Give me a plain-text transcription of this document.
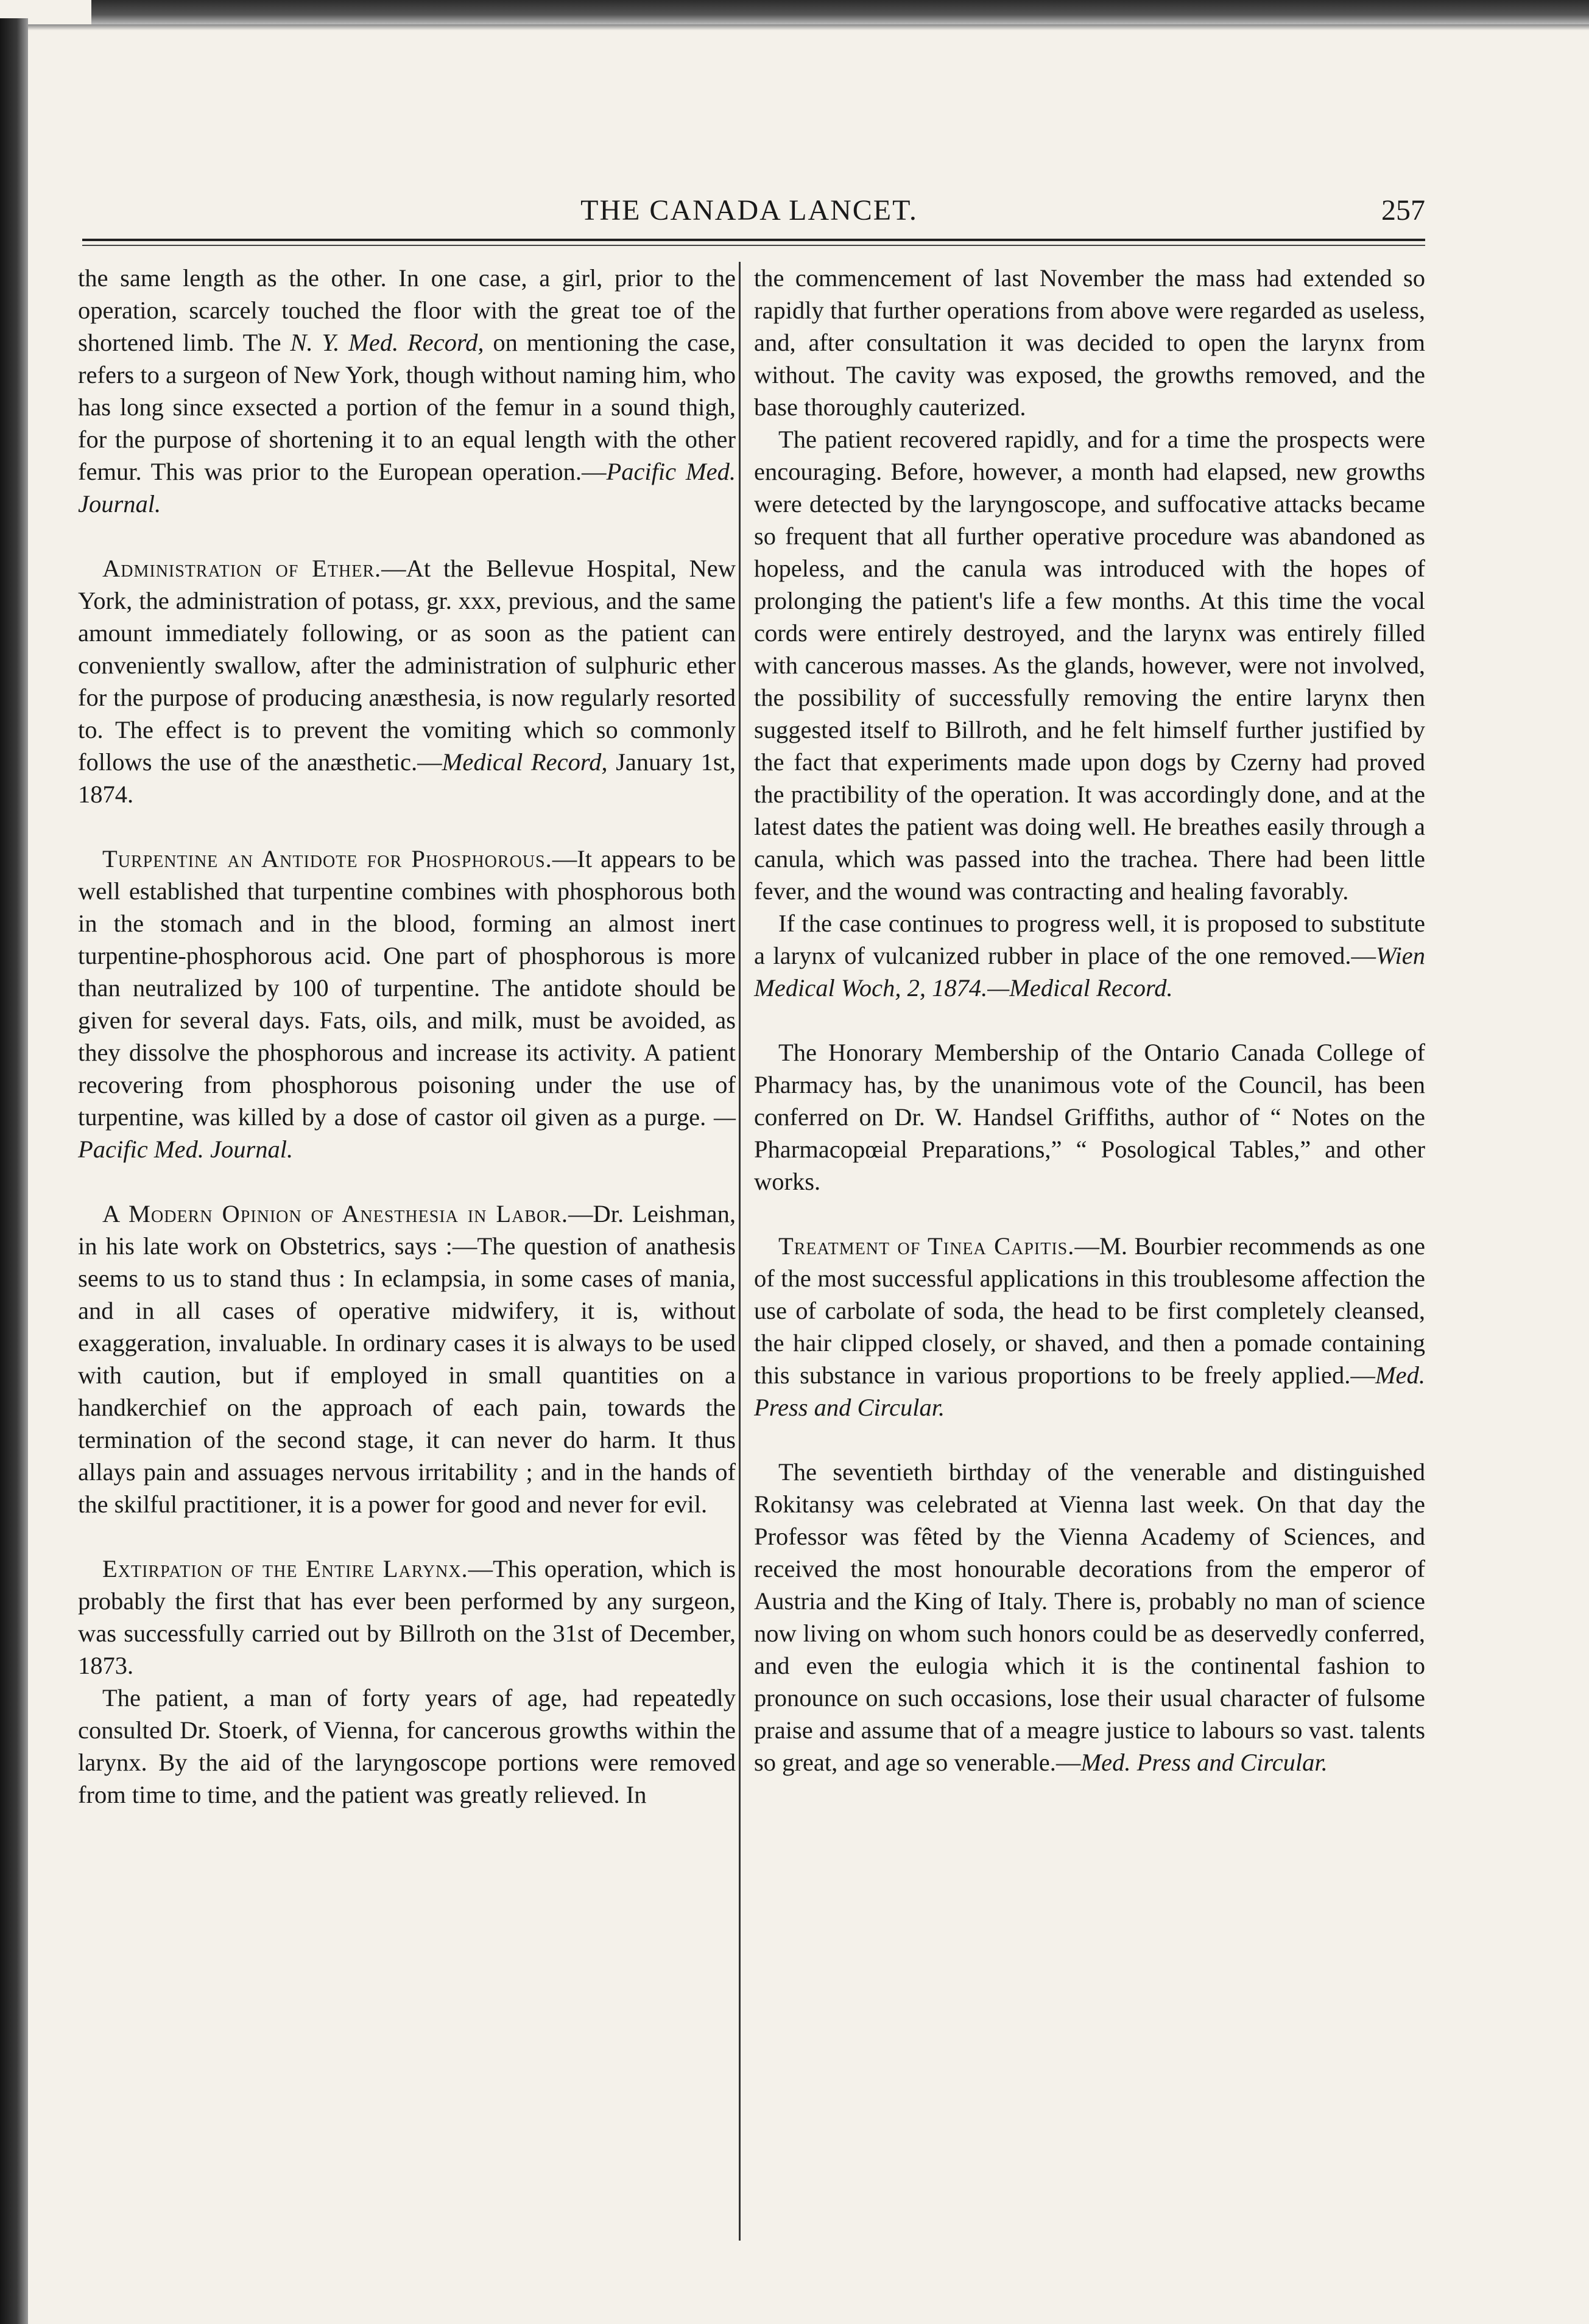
THE CANADA LANCET.	257

the same length as the other. In one case, a girl, prior to the operation, scarcely touched the floor with the great toe of the shortened limb. The N. Y. Med. Record, on mentioning the case, refers to a surgeon of New York, though without naming him, who has long since exsected a portion of the femur in a sound thigh, for the purpose of shortening it to an equal length with the other femur. This was prior to the European operation.—Pacific Med. Journal.

Administration of Ether.—At the Bellevue Hospital, New York, the administration of potass, gr. xxx, previous, and the same amount immediately following, or as soon as the patient can conveniently swallow, after the administration of sulphuric ether for the purpose of producing anæsthesia, is now regularly resorted to. The effect is to prevent the vomiting which so commonly follows the use of the anæsthetic.—Medical Record, January 1st, 1874.

Turpentine an Antidote for Phosphorous.—It appears to be well established that turpentine combines with phosphorous both in the stomach and in the blood, forming an almost inert turpentine-phosphorous acid. One part of phosphorous is more than neutralized by 100 of turpentine. The antidote should be given for several days. Fats, oils, and milk, must be avoided, as they dissolve the phosphorous and increase its activity. A patient recovering from phosphorous poisoning under the use of turpentine, was killed by a dose of castor oil given as a purge. —Pacific Med. Journal.

A Modern Opinion of Anesthesia in Labor.—Dr. Leishman, in his late work on Obstetrics, says :—The question of anathesis seems to us to stand thus : In eclampsia, in some cases of mania, and in all cases of operative midwifery, it is, without exaggeration, invaluable. In ordinary cases it is always to be used with caution, but if employed in small quantities on a handkerchief on the approach of each pain, towards the termination of the second stage, it can never do harm. It thus allays pain and assuages nervous irritability ; and in the hands of the skilful practitioner, it is a power for good and never for evil.

Extirpation of the Entire Larynx.—This operation, which is probably the first that has ever been performed by any surgeon, was successfully carried out by Billroth on the 31st of December, 1873.

The patient, a man of forty years of age, had repeatedly consulted Dr. Stoerk, of Vienna, for cancerous growths within the larynx. By the aid of the laryngoscope portions were removed from time to time, and the patient was greatly relieved. In

the commencement of last November the mass had extended so rapidly that further operations from above were regarded as useless, and, after consultation it was decided to open the larynx from without. The cavity was exposed, the growths removed, and the base thoroughly cauterized.

The patient recovered rapidly, and for a time the prospects were encouraging. Before, however, a month had elapsed, new growths were detected by the laryngoscope, and suffocative attacks became so frequent that all further operative procedure was abandoned as hopeless, and the canula was introduced with the hopes of prolonging the patient's life a few months. At this time the vocal cords were entirely destroyed, and the larynx was entirely filled with cancerous masses. As the glands, however, were not involved, the possibility of successfully removing the entire larynx then suggested itself to Billroth, and he felt himself further justified by the fact that experiments made upon dogs by Czerny had proved the practibility of the operation. It was accordingly done, and at the latest dates the patient was doing well. He breathes easily through a canula, which was passed into the trachea. There had been little fever, and the wound was contracting and healing favorably.

If the case continues to progress well, it is proposed to substitute a larynx of vulcanized rubber in place of the one removed.—Wien Medical Woch, 2, 1874.—Medical Record.

The Honorary Membership of the Ontario Canada College of Pharmacy has, by the unanimous vote of the Council, has been conferred on Dr. W. Handsel Griffiths, author of “ Notes on the Pharmacopœial Preparations,” “ Posological Tables,” and other works.

Treatment of Tinea Capitis.—M. Bourbier recommends as one of the most successful applications in this troublesome affection the use of carbolate of soda, the head to be first completely cleansed, the hair clipped closely, or shaved, and then a pomade containing this substance in various proportions to be freely applied.—Med. Press and Circular.

The seventieth birthday of the venerable and distinguished Rokitansy was celebrated at Vienna last week. On that day the Professor was fêted by the Vienna Academy of Sciences, and received the most honourable decorations from the emperor of Austria and the King of Italy. There is, probably no man of science now living on whom such honors could be as deservedly conferred, and even the eulogia which it is the continental fashion to pronounce on such occasions, lose their usual character of fulsome praise and assume that of a meagre justice to labours so vast. talents so great, and age so venerable.—Med. Press and Circular.
